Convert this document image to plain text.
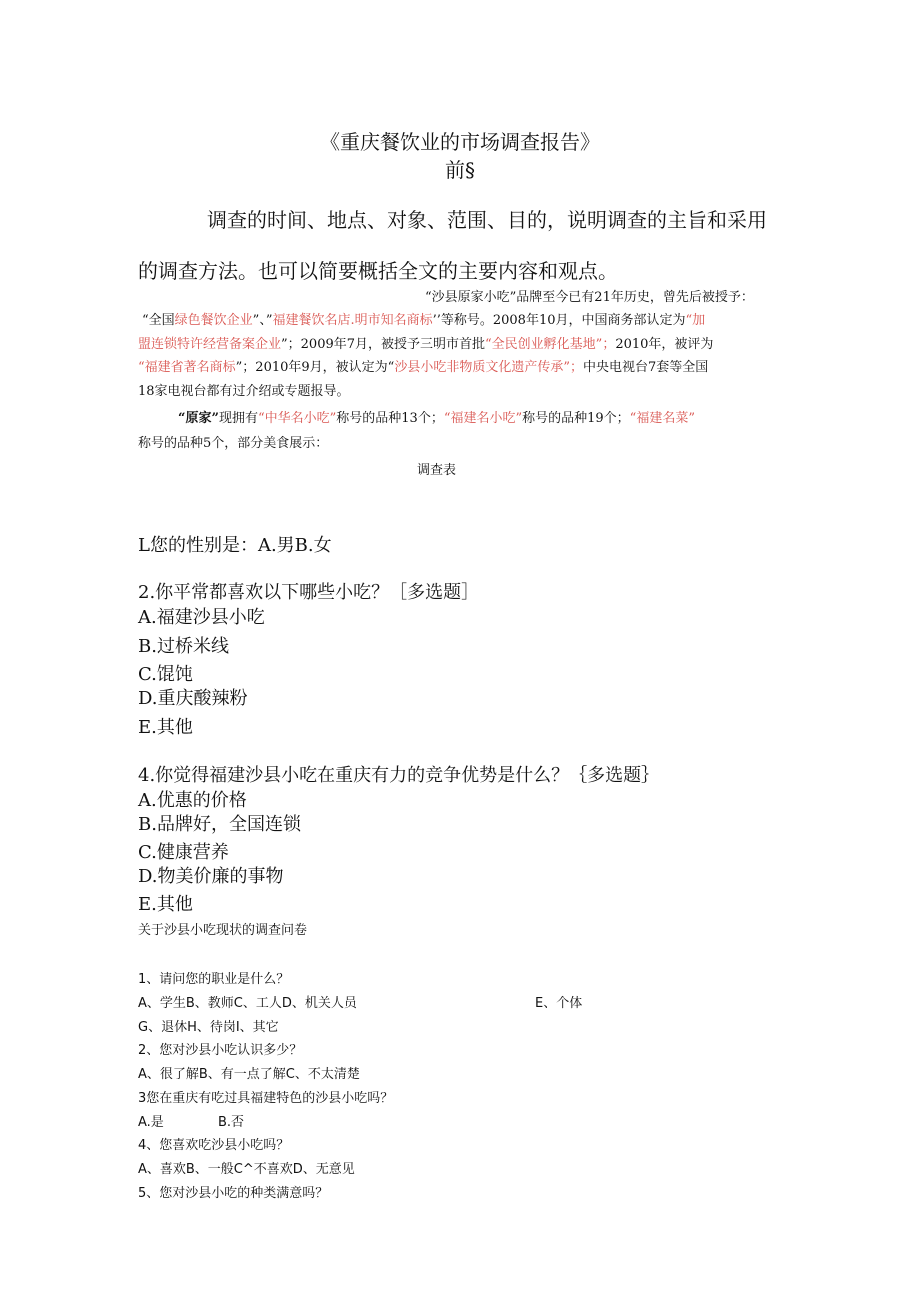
《重庆餐饮业的市场调查报告》
前§
调查的时间、地点、对象、范围、目的，说明调查的主旨和采用
的调查方法。也可以简要概括全文的主要内容和观点。
“沙县原家小吃”品牌至今已有21年历史，曾先后被授予：
“全国绿色餐饮企业”、”福建餐饮名店.明市知名商标’’等称号。2008年10月，中国商务部认定为“加
盟连锁特许经营备案企业”；2009年7月，被授予三明市首批“全民创业孵化基地”；2010年，被评为
“福建省著名商标”；2010年9月，被认定为“沙县小吃非物质文化遗产传承”；中央电视台7套等全国
18家电视台都有过介绍或专题报导。
“原家”现拥有“中华名小吃”称号的品种13个；“福建名小吃”称号的品种19个；“福建名菜”
称号的品种5个，部分美食展示：
调查表
L您的性别是：A.男B.女
2.你平常都喜欢以下哪些小吃？［多选题］
A.福建沙县小吃
B.过桥米线
C.馄饨
D.重庆酸辣粉
E.其他
4.你觉得福建沙县小吃在重庆有力的竞争优势是什么？｛多选题｝
A.优惠的价格
B.品牌好，全国连锁
C.健康营养
D.物美价廉的事物
E.其他
关于沙县小吃现状的调查问卷
1、请问您的职业是什么？
A、学生B、教师C、工人D、机关人员	E、个体
G、退休H、待岗I、其它
2、您对沙县小吃认识多少？
A、很了解B、有一点了解C、不太清楚
3您在重庆有吃过具福建特色的沙县小吃吗？
A.是	B.否
4、您喜欢吃沙县小吃吗？
A、喜欢B、一般C^不喜欢D、无意见
5、您对沙县小吃的种类满意吗？
